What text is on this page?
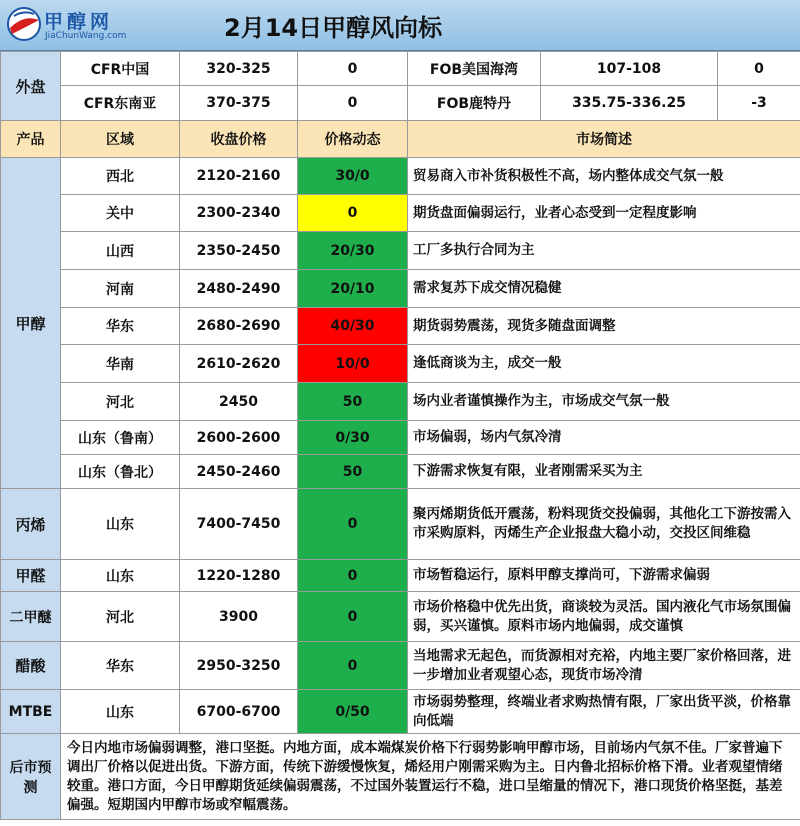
甲醇网
JiaChunWang.com	2月14日甲醇风向标
外盘	CFR中国	320-325	0	FOB美国海湾	107-108	0
	CFR东南亚	370-375	0	FOB鹿特丹	335.75-336.25	-3
产品	区域	收盘价格	价格动态	市场简述		
甲醇	西北	2120-2160	30/0	贸易商入市补货积极性不高，场内整体成交气氛一般		
	关中	2300-2340	0	期货盘面偏弱运行，业者心态受到一定程度影响		
	山西	2350-2450	20/30	工厂多执行合同为主		
	河南	2480-2490	20/10	需求复苏下成交情况稳健		
	华东	2680-2690	40/30	期货弱势震荡，现货多随盘面调整		
	华南	2610-2620	10/0	逢低商谈为主，成交一般		
	河北	2450	50	场内业者谨慎操作为主，市场成交气氛一般		
	山东（鲁南）	2600-2600	0/30	市场偏弱，场内气氛冷清		
	山东（鲁北）	2450-2460	50	下游需求恢复有限，业者刚需采买为主		
丙烯	山东	7400-7450	0	聚丙烯期货低开震荡，粉料现货交投偏弱，其他化工下游按需入市采购原料，丙烯生产企业报盘大稳小动，交投区间维稳		
甲醛	山东	1220-1280	0	市场暂稳运行，原料甲醇支撑尚可，下游需求偏弱		
二甲醚	河北	3900	0	市场价格稳中优先出货，商谈较为灵活。国内液化气市场氛围偏弱，买兴谨慎。原料市场内地偏弱，成交谨慎		
醋酸	华东	2950-3250	0	当地需求无起色，而货源相对充裕，内地主要厂家价格回落，进一步增加业者观望心态，现货市场冷清		
MTBE	山东	6700-6700	0/50	市场弱势整理，终端业者求购热情有限，厂家出货平淡，价格靠向低端		
后市预测	今日内地市场偏弱调整，港口坚挺。内地方面，成本端煤炭价格下行弱势影响甲醇市场，目前场内气氛不佳。厂家普遍下调出厂价格以促进出货。下游方面，传统下游缓慢恢复，烯烃用户刚需采购为主。日内鲁北招标价格下滑。业者观望情绪较重。港口方面，今日甲醇期货延续偏弱震荡，不过国外装置运行不稳，进口呈缩量的情况下，港口现货价格坚挺，基差偏强。短期国内甲醇市场或窄幅震荡。					
